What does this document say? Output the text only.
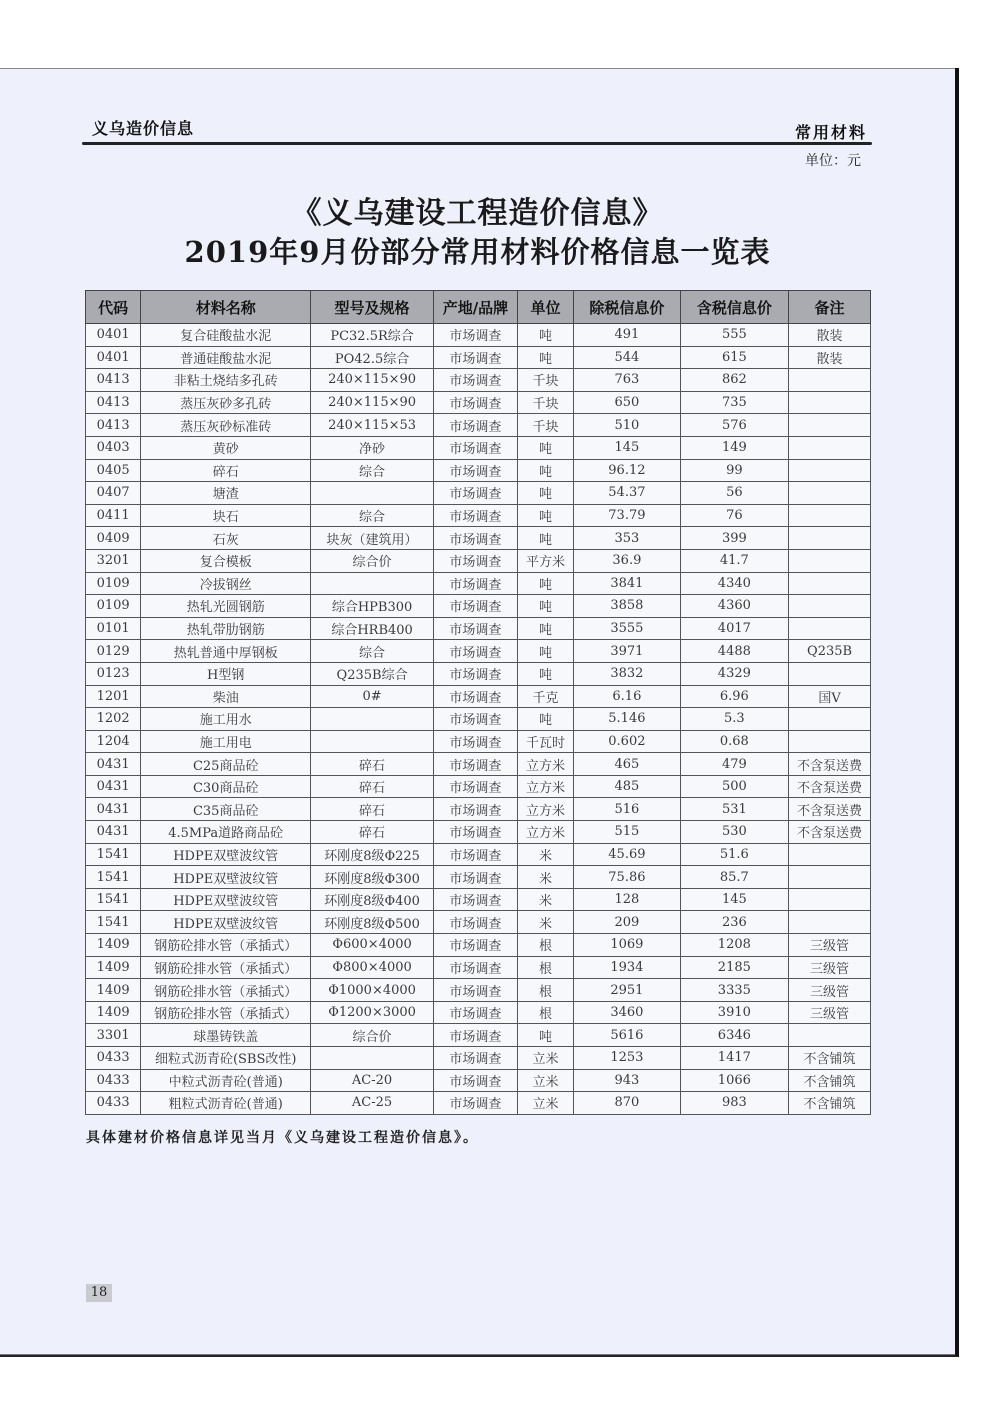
义乌造价信息	常用材料
单位：元
《义乌建设工程造价信息》
2019年9月份部分常用材料价格信息一览表
代码	材料名称	型号及规格	产地/品牌	单位	除税信息价	含税信息价	备注
0401	复合硅酸盐水泥	PC32.5R综合	市场调查	吨	491	555	散装
0401	普通硅酸盐水泥	PO42.5综合	市场调查	吨	544	615	散装
0413	非粘土烧结多孔砖	240×115×90	市场调查	千块	763	862	
0413	蒸压灰砂多孔砖	240×115×90	市场调查	千块	650	735	
0413	蒸压灰砂标准砖	240×115×53	市场调查	千块	510	576	
0403	黄砂	净砂	市场调查	吨	145	149	
0405	碎石	综合	市场调查	吨	96.12	99	
0407	塘渣		市场调查	吨	54.37	56	
0411	块石	综合	市场调查	吨	73.79	76	
0409	石灰	块灰（建筑用）	市场调查	吨	353	399	
3201	复合模板	综合价	市场调查	平方米	36.9	41.7	
0109	冷拔钢丝		市场调查	吨	3841	4340	
0109	热轧光圆钢筋	综合HPB300	市场调查	吨	3858	4360	
0101	热轧带肋钢筋	综合HRB400	市场调查	吨	3555	4017	
0129	热轧普通中厚钢板	综合	市场调查	吨	3971	4488	Q235B
0123	H型钢	Q235B综合	市场调查	吨	3832	4329	
1201	柴油	0#	市场调查	千克	6.16	6.96	国V
1202	施工用水		市场调查	吨	5.146	5.3	
1204	施工用电		市场调查	千瓦时	0.602	0.68	
0431	C25商品砼	碎石	市场调查	立方米	465	479	不含泵送费
0431	C30商品砼	碎石	市场调查	立方米	485	500	不含泵送费
0431	C35商品砼	碎石	市场调查	立方米	516	531	不含泵送费
0431	4.5MPa道路商品砼	碎石	市场调查	立方米	515	530	不含泵送费
1541	HDPE双壁波纹管	环刚度8级Φ225	市场调查	米	45.69	51.6	
1541	HDPE双壁波纹管	环刚度8级Φ300	市场调查	米	75.86	85.7	
1541	HDPE双壁波纹管	环刚度8级Φ400	市场调查	米	128	145	
1541	HDPE双壁波纹管	环刚度8级Φ500	市场调查	米	209	236	
1409	钢筋砼排水管（承插式）	Φ600×4000	市场调查	根	1069	1208	三级管
1409	钢筋砼排水管（承插式）	Φ800×4000	市场调查	根	1934	2185	三级管
1409	钢筋砼排水管（承插式）	Φ1000×4000	市场调查	根	2951	3335	三级管
1409	钢筋砼排水管（承插式）	Φ1200×3000	市场调查	根	3460	3910	三级管
3301	球墨铸铁盖	综合价	市场调查	吨	5616	6346	
0433	细粒式沥青砼(SBS改性)		市场调查	立米	1253	1417	不含铺筑
0433	中粒式沥青砼(普通)	AC-20	市场调查	立米	943	1066	不含铺筑
0433	粗粒式沥青砼(普通)	AC-25	市场调查	立米	870	983	不含铺筑
具体建材价格信息详见当月《义乌建设工程造价信息》。
18
